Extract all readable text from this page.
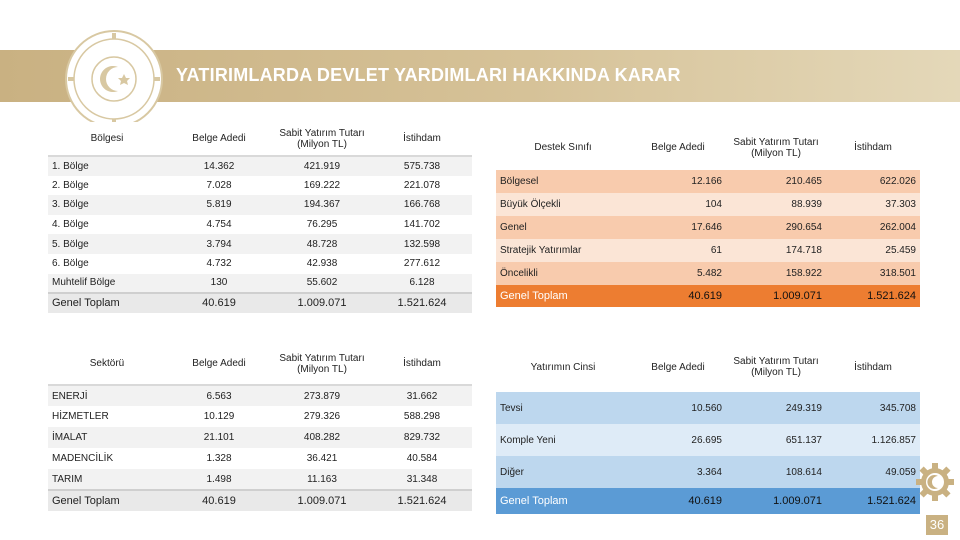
YATIRIMLARDA DEVLET YARDIMLARI HAKKINDA KARAR
Bölgesi	Belge Adedi	Sabit Yatırım Tutarı (Milyon TL)	İstihdam
1. Bölge	14.362	421.919	575.738
2. Bölge	7.028	169.222	221.078
3. Bölge	5.819	194.367	166.768
4. Bölge	4.754	76.295	141.702
5. Bölge	3.794	48.728	132.598
6. Bölge	4.732	42.938	277.612
Muhtelif Bölge	130	55.602	6.128
Genel Toplam	40.619	1.009.071	1.521.624
Sektörü	Belge Adedi	Sabit Yatırım Tutarı (Milyon TL)	İstihdam
ENERJİ	6.563	273.879	31.662
HİZMETLER	10.129	279.326	588.298
İMALAT	21.101	408.282	829.732
MADENCİLİK	1.328	36.421	40.584
TARIM	1.498	11.163	31.348
Genel Toplam	40.619	1.009.071	1.521.624
Destek Sınıfı	Belge Adedi	Sabit Yatırım Tutarı (Milyon TL)	İstihdam
Bölgesel	12.166	210.465	622.026
Büyük Ölçekli	104	88.939	37.303
Genel	17.646	290.654	262.004
Stratejik Yatırımlar	61	174.718	25.459
Öncelikli	5.482	158.922	318.501
Genel Toplam	40.619	1.009.071	1.521.624
Yatırımın Cinsi	Belge Adedi	Sabit Yatırım Tutarı (Milyon TL)	İstihdam
Tevsi	10.560	249.319	345.708
Komple Yeni	26.695	651.137	1.126.857
Diğer	3.364	108.614	49.059
Genel Toplam	40.619	1.009.071	1.521.624
36
